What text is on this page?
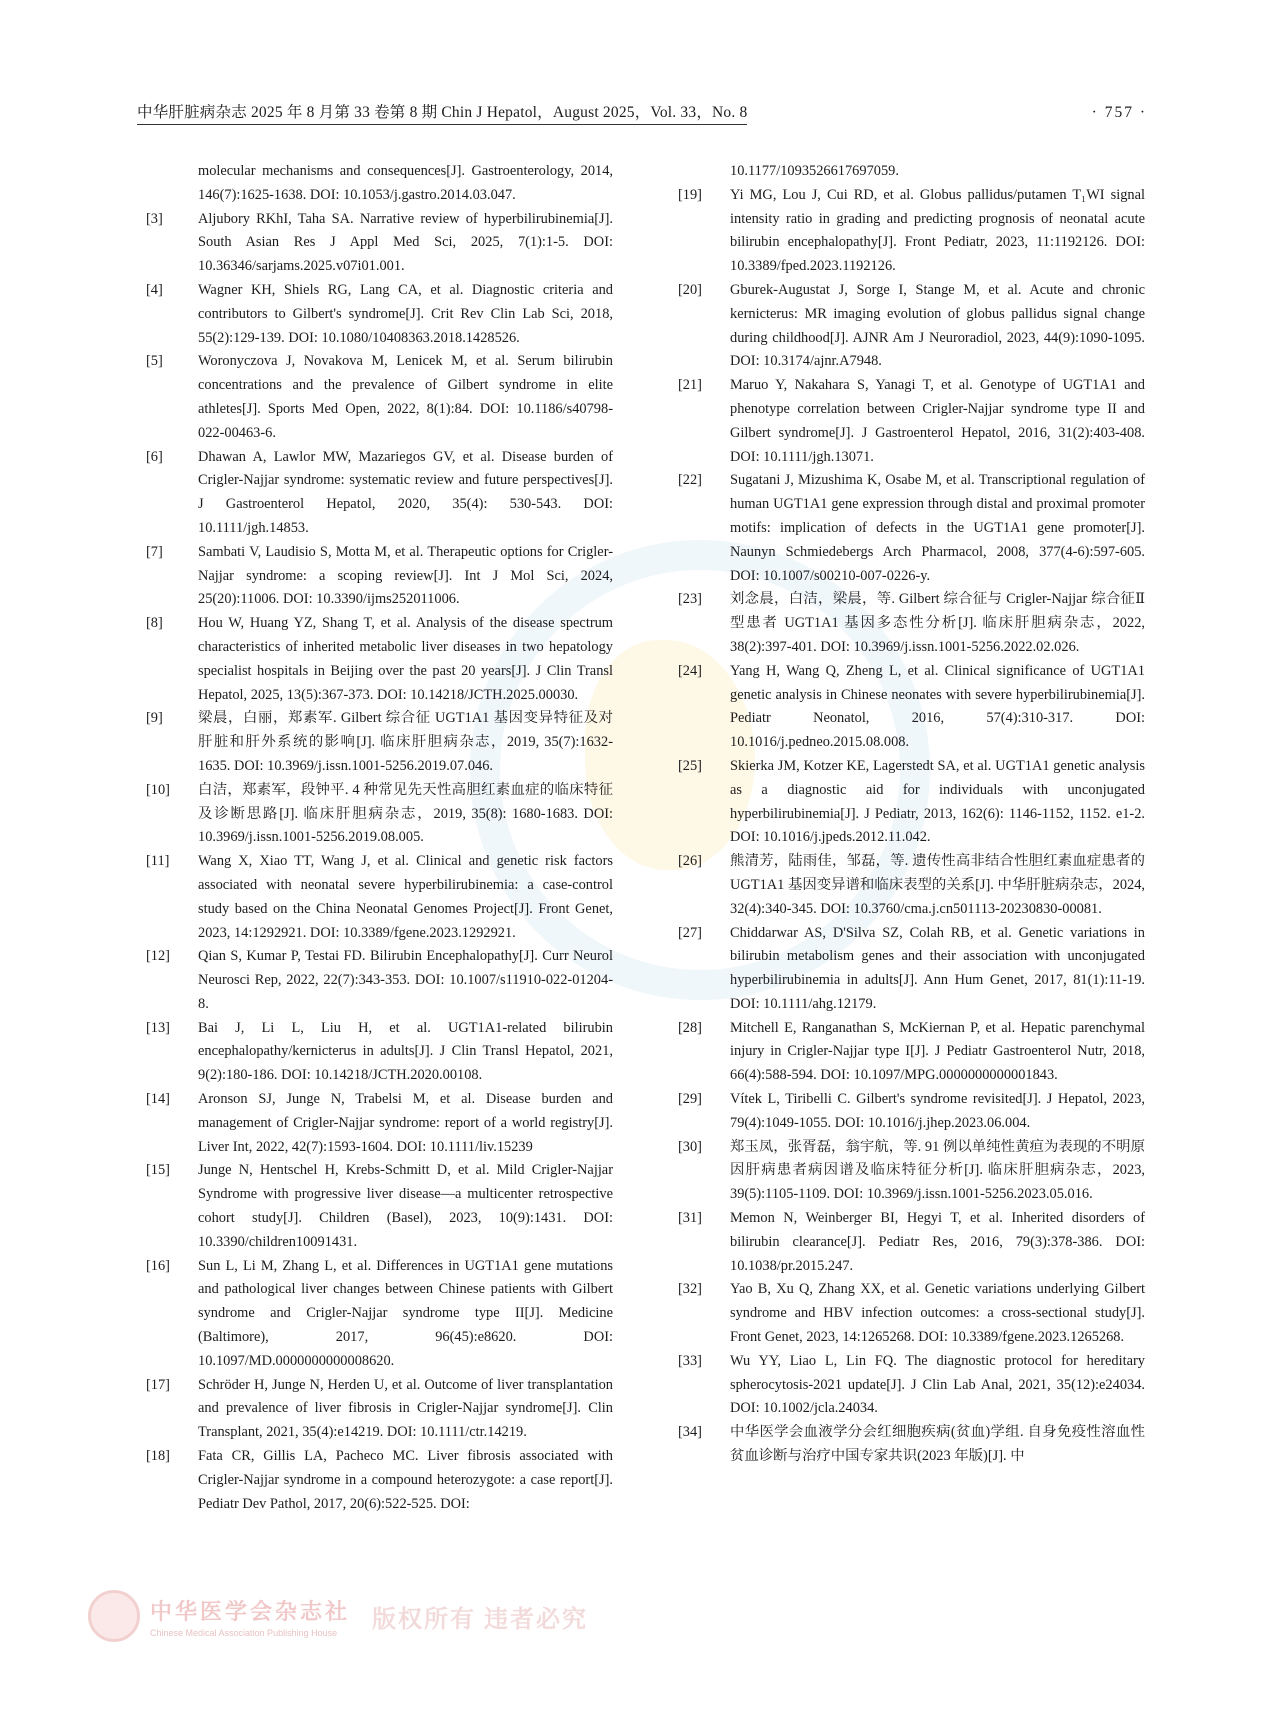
中华肝脏病杂志 2025 年 8 月第 33 卷第 8 期 Chin J Hepatol，August 2025，Vol. 33，No. 8	· 757 ·
molecular mechanisms and consequences[J]. Gastroenterology, 2014, 146(7):1625-1638. DOI: 10.1053/j.gastro.2014.03.047.
[3]	Aljubory RKhI, Taha SA. Narrative review of hyperbilirubinemia[J]. South Asian Res J Appl Med Sci, 2025, 7(1):1-5. DOI: 10.36346/sarjams.2025.v07i01.001.
[4]	Wagner KH, Shiels RG, Lang CA, et al. Diagnostic criteria and contributors to Gilbert's syndrome[J]. Crit Rev Clin Lab Sci, 2018, 55(2):129-139. DOI: 10.1080/10408363.2018.1428526.
[5]	Woronyczova J, Novakova M, Lenicek M, et al. Serum bilirubin concentrations and the prevalence of Gilbert syndrome in elite athletes[J]. Sports Med Open, 2022, 8(1):84. DOI: 10.1186/s40798-022-00463-6.
[6]	Dhawan A, Lawlor MW, Mazariegos GV, et al. Disease burden of Crigler-Najjar syndrome: systematic review and future perspectives[J]. J Gastroenterol Hepatol, 2020, 35(4): 530-543. DOI: 10.1111/jgh.14853.
[7]	Sambati V, Laudisio S, Motta M, et al. Therapeutic options for Crigler-Najjar syndrome: a scoping review[J]. Int J Mol Sci, 2024, 25(20):11006. DOI: 10.3390/ijms252011006.
[8]	Hou W, Huang YZ, Shang T, et al. Analysis of the disease spectrum characteristics of inherited metabolic liver diseases in two hepatology specialist hospitals in Beijing over the past 20 years[J]. J Clin Transl Hepatol, 2025, 13(5):367-373. DOI: 10.14218/JCTH.2025.00030.
[9]	梁晨，白丽，郑素军. Gilbert 综合征 UGT1A1 基因变异特征及对肝脏和肝外系统的影响[J]. 临床肝胆病杂志，2019, 35(7):1632-1635. DOI: 10.3969/j.issn.1001-5256.2019.07.046.
[10]	白洁，郑素军，段钟平. 4 种常见先天性高胆红素血症的临床特征及诊断思路[J]. 临床肝胆病杂志，2019, 35(8): 1680-1683. DOI: 10.3969/j.issn.1001-5256.2019.08.005.
[11]	Wang X, Xiao TT, Wang J, et al. Clinical and genetic risk factors associated with neonatal severe hyperbilirubinemia: a case-control study based on the China Neonatal Genomes Project[J]. Front Genet, 2023, 14:1292921. DOI: 10.3389/fgene.2023.1292921.
[12]	Qian S, Kumar P, Testai FD. Bilirubin Encephalopathy[J]. Curr Neurol Neurosci Rep, 2022, 22(7):343-353. DOI: 10.1007/s11910-022-01204-8.
[13]	Bai J, Li L, Liu H, et al. UGT1A1-related bilirubin encephalopathy/kernicterus in adults[J]. J Clin Transl Hepatol, 2021, 9(2):180-186. DOI: 10.14218/JCTH.2020.00108.
[14]	Aronson SJ, Junge N, Trabelsi M, et al. Disease burden and management of Crigler-Najjar syndrome: report of a world registry[J]. Liver Int, 2022, 42(7):1593-1604. DOI: 10.1111/liv.15239
[15]	Junge N, Hentschel H, Krebs-Schmitt D, et al. Mild Crigler-Najjar Syndrome with progressive liver disease—a multicenter retrospective cohort study[J]. Children (Basel), 2023, 10(9):1431. DOI: 10.3390/children10091431.
[16]	Sun L, Li M, Zhang L, et al. Differences in UGT1A1 gene mutations and pathological liver changes between Chinese patients with Gilbert syndrome and Crigler-Najjar syndrome type II[J]. Medicine (Baltimore), 2017, 96(45):e8620. DOI: 10.1097/MD.0000000000008620.
[17]	Schröder H, Junge N, Herden U, et al. Outcome of liver transplantation and prevalence of liver fibrosis in Crigler-Najjar syndrome[J]. Clin Transplant, 2021, 35(4):e14219. DOI: 10.1111/ctr.14219.
[18]	Fata CR, Gillis LA, Pacheco MC. Liver fibrosis associated with Crigler-Najjar syndrome in a compound heterozygote: a case report[J]. Pediatr Dev Pathol, 2017, 20(6):522-525. DOI:
10.1177/1093526617697059.
[19]	Yi MG, Lou J, Cui RD, et al. Globus pallidus/putamen T₁WI signal intensity ratio in grading and predicting prognosis of neonatal acute bilirubin encephalopathy[J]. Front Pediatr, 2023, 11:1192126. DOI: 10.3389/fped.2023.1192126.
[20]	Gburek-Augustat J, Sorge I, Stange M, et al. Acute and chronic kernicterus: MR imaging evolution of globus pallidus signal change during childhood[J]. AJNR Am J Neuroradiol, 2023, 44(9):1090-1095. DOI: 10.3174/ajnr.A7948.
[21]	Maruo Y, Nakahara S, Yanagi T, et al. Genotype of UGT1A1 and phenotype correlation between Crigler-Najjar syndrome type II and Gilbert syndrome[J]. J Gastroenterol Hepatol, 2016, 31(2):403-408. DOI: 10.1111/jgh.13071.
[22]	Sugatani J, Mizushima K, Osabe M, et al. Transcriptional regulation of human UGT1A1 gene expression through distal and proximal promoter motifs: implication of defects in the UGT1A1 gene promoter[J]. Naunyn Schmiedebergs Arch Pharmacol, 2008, 377(4-6):597-605. DOI: 10.1007/s00210-007-0226-y.
[23]	刘念晨，白洁，梁晨，等. Gilbert 综合征与 Crigler-Najjar 综合征Ⅱ型患者 UGT1A1 基因多态性分析[J]. 临床肝胆病杂志，2022, 38(2):397-401. DOI: 10.3969/j.issn.1001-5256.2022.02.026.
[24]	Yang H, Wang Q, Zheng L, et al. Clinical significance of UGT1A1 genetic analysis in Chinese neonates with severe hyperbilirubinemia[J]. Pediatr Neonatol, 2016, 57(4):310-317. DOI: 10.1016/j.pedneo.2015.08.008.
[25]	Skierka JM, Kotzer KE, Lagerstedt SA, et al. UGT1A1 genetic analysis as a diagnostic aid for individuals with unconjugated hyperbilirubinemia[J]. J Pediatr, 2013, 162(6): 1146-1152, 1152. e1-2. DOI: 10.1016/j.jpeds.2012.11.042.
[26]	熊清芳，陆雨佳，邹磊，等. 遗传性高非结合性胆红素血症患者的 UGT1A1 基因变异谱和临床表型的关系[J]. 中华肝脏病杂志，2024, 32(4):340-345. DOI: 10.3760/cma.j.cn501113-20230830-00081.
[27]	Chiddarwar AS, D'Silva SZ, Colah RB, et al. Genetic variations in bilirubin metabolism genes and their association with unconjugated hyperbilirubinemia in adults[J]. Ann Hum Genet, 2017, 81(1):11-19. DOI: 10.1111/ahg.12179.
[28]	Mitchell E, Ranganathan S, McKiernan P, et al. Hepatic parenchymal injury in Crigler-Najjar type I[J]. J Pediatr Gastroenterol Nutr, 2018, 66(4):588-594. DOI: 10.1097/MPG.0000000000001843.
[29]	Vítek L, Tiribelli C. Gilbert's syndrome revisited[J]. J Hepatol, 2023, 79(4):1049-1055. DOI: 10.1016/j.jhep.2023.06.004.
[30]	郑玉凤，张胥磊，翁宇航，等. 91 例以单纯性黄疸为表现的不明原因肝病患者病因谱及临床特征分析[J]. 临床肝胆病杂志，2023, 39(5):1105-1109. DOI: 10.3969/j.issn.1001-5256.2023.05.016.
[31]	Memon N, Weinberger BI, Hegyi T, et al. Inherited disorders of bilirubin clearance[J]. Pediatr Res, 2016, 79(3):378-386. DOI: 10.1038/pr.2015.247.
[32]	Yao B, Xu Q, Zhang XX, et al. Genetic variations underlying Gilbert syndrome and HBV infection outcomes: a cross-sectional study[J]. Front Genet, 2023, 14:1265268. DOI: 10.3389/fgene.2023.1265268.
[33]	Wu YY, Liao L, Lin FQ. The diagnostic protocol for hereditary spherocytosis-2021 update[J]. J Clin Lab Anal, 2021, 35(12):e24034. DOI: 10.1002/jcla.24034.
[34]	中华医学会血液学分会红细胞疾病(贫血)学组. 自身免疫性溶血性贫血诊断与治疗中国专家共识(2023 年版)[J]. 中
中华医学会杂志社
Chinese Medical Association Publishing House	版权所有 违者必究
